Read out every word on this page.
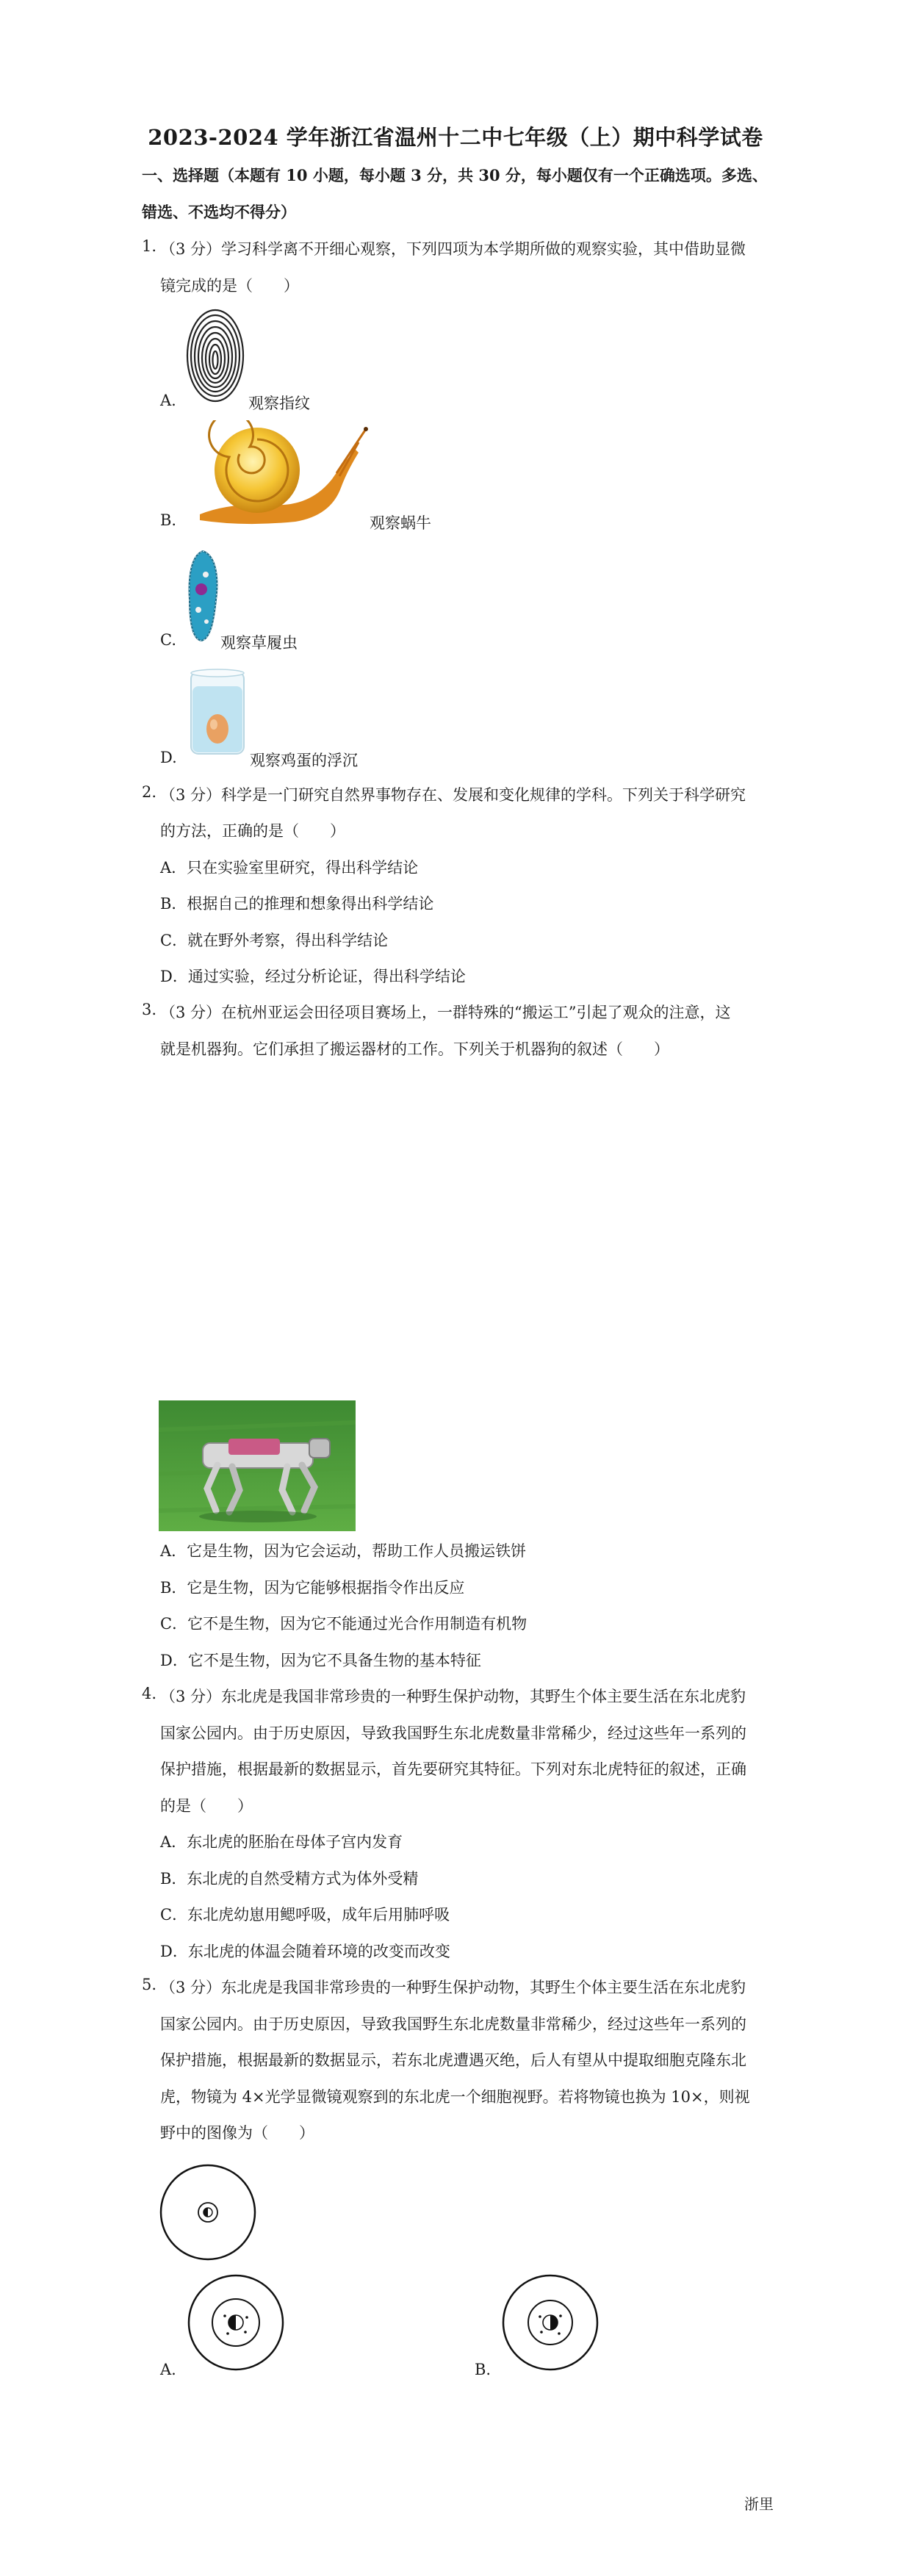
2023-2024 学年浙江省温州十二中七年级（上）期中科学试卷
一、选择题（本题有 10 小题，每小题 3 分，共 30 分，每小题仅有一个正确选项。多选、
错选、不选均不得分）
1. （3 分）学习科学离不开细心观察，下列四项为本学期所做的观察实验，其中借助显微
镜完成的是（　　）
A.	观察指纹
B.	观察蜗牛
C.	观察草履虫
D.	观察鸡蛋的浮沉
2. （3 分）科学是一门研究自然界事物存在、发展和变化规律的学科。下列关于科学研究
的方法，正确的是（　　）
A．只在实验室里研究，得出科学结论
B．根据自己的推理和想象得出科学结论
C．就在野外考察，得出科学结论
D．通过实验，经过分析论证，得出科学结论
3. （3 分）在杭州亚运会田径项目赛场上，一群特殊的“搬运工”引起了观众的注意，这
就是机器狗。它们承担了搬运器材的工作。下列关于机器狗的叙述（　　）
A．它是生物，因为它会运动，帮助工作人员搬运铁饼
B．它是生物，因为它能够根据指令作出反应
C．它不是生物，因为它不能通过光合作用制造有机物
D．它不是生物，因为它不具备生物的基本特征
4. （3 分）东北虎是我国非常珍贵的一种野生保护动物，其野生个体主要生活在东北虎豹
国家公园内。由于历史原因，导致我国野生东北虎数量非常稀少，经过这些年一系列的
保护措施，根据最新的数据显示，首先要研究其特征。下列对东北虎特征的叙述，正确
的是（　　）
A．东北虎的胚胎在母体子宫内发育
B．东北虎的自然受精方式为体外受精
C．东北虎幼崽用鳃呼吸，成年后用肺呼吸
D．东北虎的体温会随着环境的改变而改变
5. （3 分）东北虎是我国非常珍贵的一种野生保护动物，其野生个体主要生活在东北虎豹
国家公园内。由于历史原因，导致我国野生东北虎数量非常稀少，经过这些年一系列的
保护措施，根据最新的数据显示，若东北虎遭遇灭绝，后人有望从中提取细胞克隆东北
虎，物镜为 4×光学显微镜观察到的东北虎一个细胞视野。若将物镜也换为 10×，则视
野中的图像为（　　）
A.	B.
浙里
